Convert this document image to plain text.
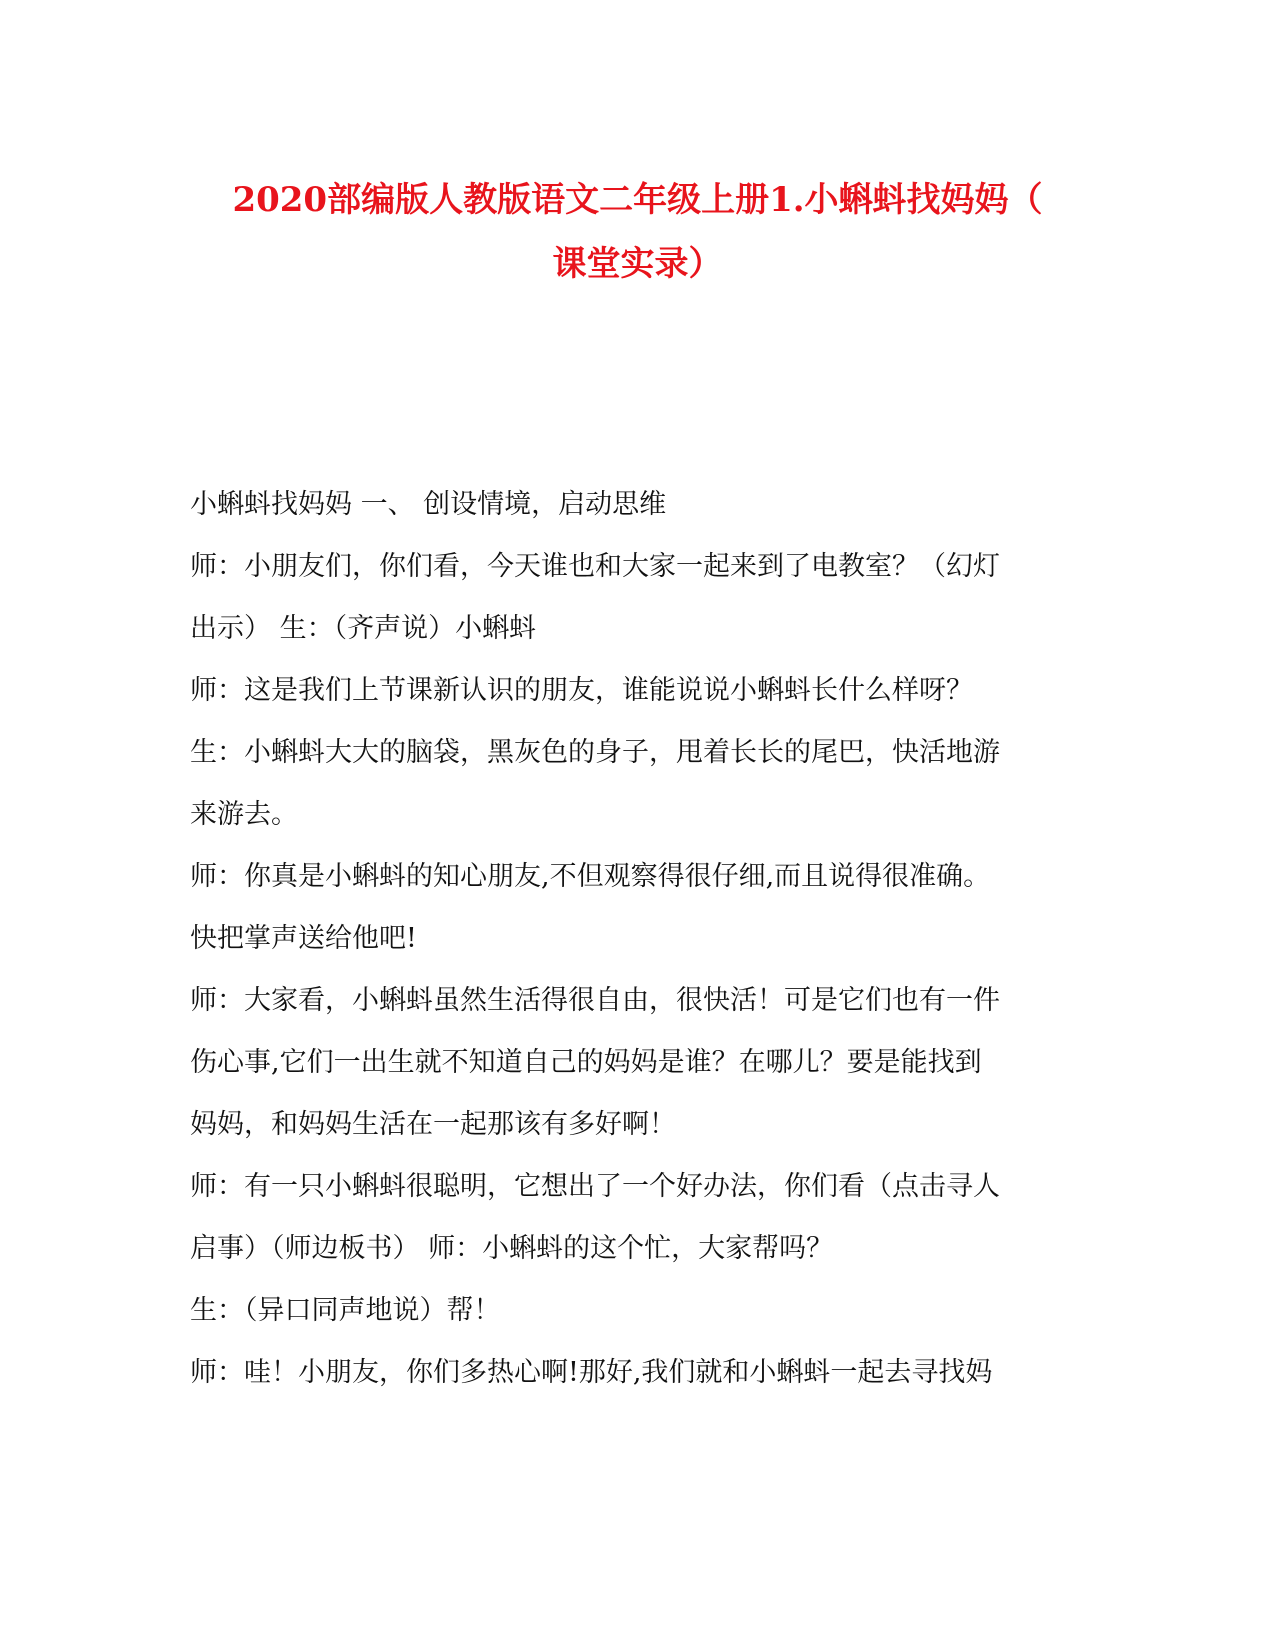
2020部编版人教版语文二年级上册1.小蝌蚪找妈妈（
课堂实录）

小蝌蚪找妈妈 一、 创设情境，启动思维

师：小朋友们，你们看，今天谁也和大家一起来到了电教室？（幻灯

出示） 生：（齐声说）小蝌蚪

师：这是我们上节课新认识的朋友，谁能说说小蝌蚪长什么样呀？

生：小蝌蚪大大的脑袋，黑灰色的身子，甩着长长的尾巴，快活地游

来游去。

师：你真是小蝌蚪的知心朋友,不但观察得很仔细,而且说得很准确。

快把掌声送给他吧!

师：大家看，小蝌蚪虽然生活得很自由，很快活！可是它们也有一件

伤心事,它们一出生就不知道自己的妈妈是谁？在哪儿？要是能找到

妈妈，和妈妈生活在一起那该有多好啊！

师：有一只小蝌蚪很聪明，它想出了一个好办法，你们看（点击寻人

启事）（师边板书） 师：小蝌蚪的这个忙，大家帮吗？

生：（异口同声地说）帮！

师：哇！小朋友，你们多热心啊!那好,我们就和小蝌蚪一起去寻找妈
